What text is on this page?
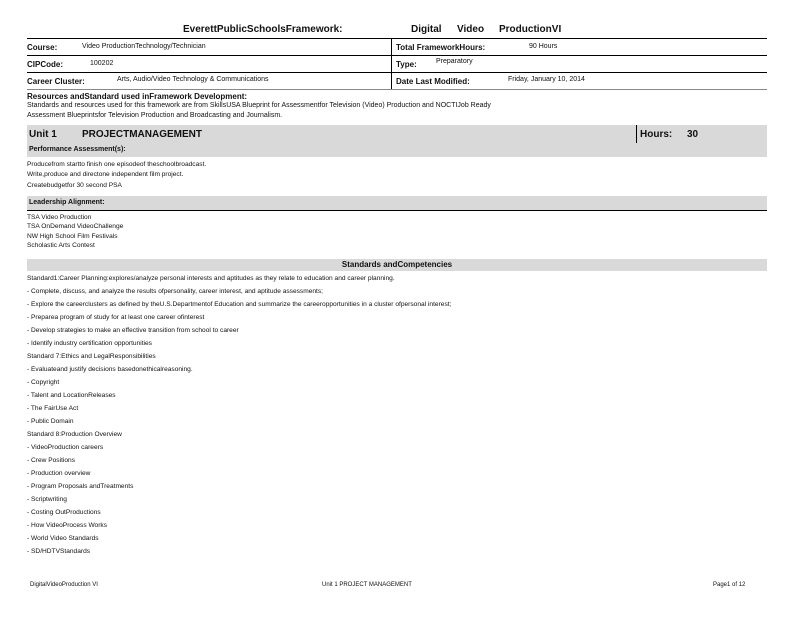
EverettPublicSchoolsFramework:	Digital Video ProductionVI
Course:	Video ProductionTechnology/Technician	Total FrameworkHours:	90 Hours
CIPCode:	100202	Type:	Preparatory
Career Cluster:	Arts, Audio/Video Technology & Communications	Date Last Modified:	Friday, January 10, 2014
Resources andStandard used inFramework Development:

Standards and resources used for this framework are from SkillsUSA Blueprint for Assessmentfor Television (Video) Production and NOCTIJob Ready

Assessment Blueprintsfor Television Production and Broadcasting and Journalism.

Unit 1	PROJECTMANAGEMENT	Hours: 30
Performance Assessment(s):
Producefrom startto finish one episodeof theschoolbroadcast.
Write,produce and directone independent film project.
Createbudgetfor 30 second PSA
Leadership Alignment:
TSA Video Production
TSA OnDemand VideoChallenge
NW High School Film Festivals
Scholastic Arts Contest
Standards andCompetencies
Standard1:Career Planning:explores/analyze personal interests and aptitudes as they relate to education and career planning.
- Complete, discuss, and analyze the results ofpersonality, career interest, and aptitude assessments;
- Explore the careerclusters as defined by theU.S.Departmentof Education and summarize the careeropportunities in a cluster ofpersonal interest;
- Preparea program of study for at least one career ofinterest
- Develop strategies to make an effective transition from school to career
- Identify industry certification opportunities
Standard 7:Ethics and LegalResponsibilities
- Evaluateand justify decisions basedonethicalreasoning.
- Copyright
- Talent and LocationReleases
- The FairUse Act
- Public Domain
Standard 8:Production Overview
- VideoProduction careers
- Crew Positions
- Production overview
- Program Proposals andTreatments
- Scriptwriting
- Costing OutProductions
- How VideoProcess Works
- World Video Standards
- SD/HDTVStandards
DigitalVideoProduction VI	Unit 1 PROJECT MANAGEMENT	Page1 of 12
